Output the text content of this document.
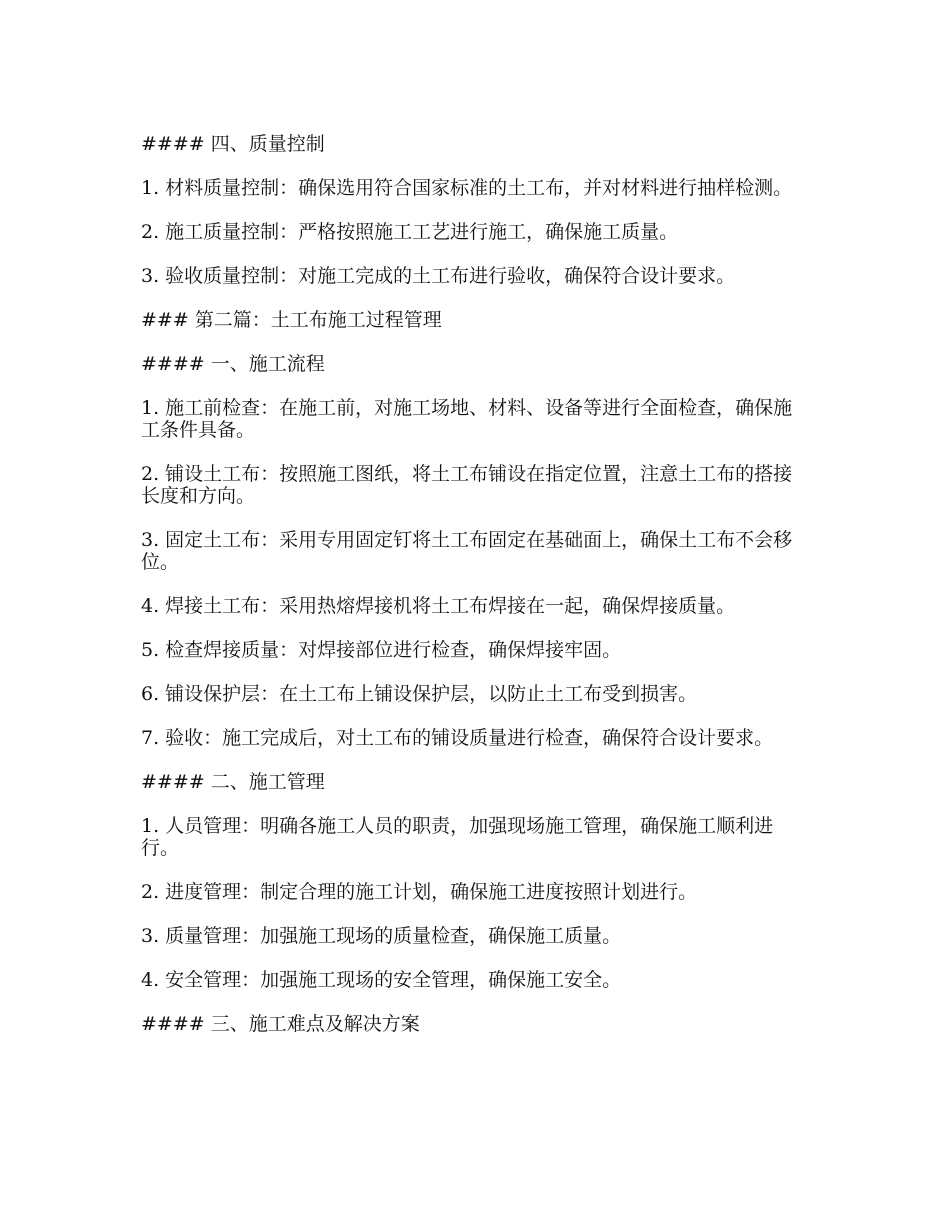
#### 四、质量控制

1. 材料质量控制：确保选用符合国家标准的土工布，并对材料进行抽样检测。

2. 施工质量控制：严格按照施工工艺进行施工，确保施工质量。

3. 验收质量控制：对施工完成的土工布进行验收，确保符合设计要求。

### 第二篇：土工布施工过程管理

#### 一、施工流程

1. 施工前检查：在施工前，对施工场地、材料、设备等进行全面检查，确保施工条件具备。

2. 铺设土工布：按照施工图纸，将土工布铺设在指定位置，注意土工布的搭接长度和方向。

3. 固定土工布：采用专用固定钉将土工布固定在基础面上，确保土工布不会移位。

4. 焊接土工布：采用热熔焊接机将土工布焊接在一起，确保焊接质量。

5. 检查焊接质量：对焊接部位进行检查，确保焊接牢固。

6. 铺设保护层：在土工布上铺设保护层，以防止土工布受到损害。

7. 验收：施工完成后，对土工布的铺设质量进行检查，确保符合设计要求。

#### 二、施工管理

1. 人员管理：明确各施工人员的职责，加强现场施工管理，确保施工顺利进行。

2. 进度管理：制定合理的施工计划，确保施工进度按照计划进行。

3. 质量管理：加强施工现场的质量检查，确保施工质量。

4. 安全管理：加强施工现场的安全管理，确保施工安全。

#### 三、施工难点及解决方案
